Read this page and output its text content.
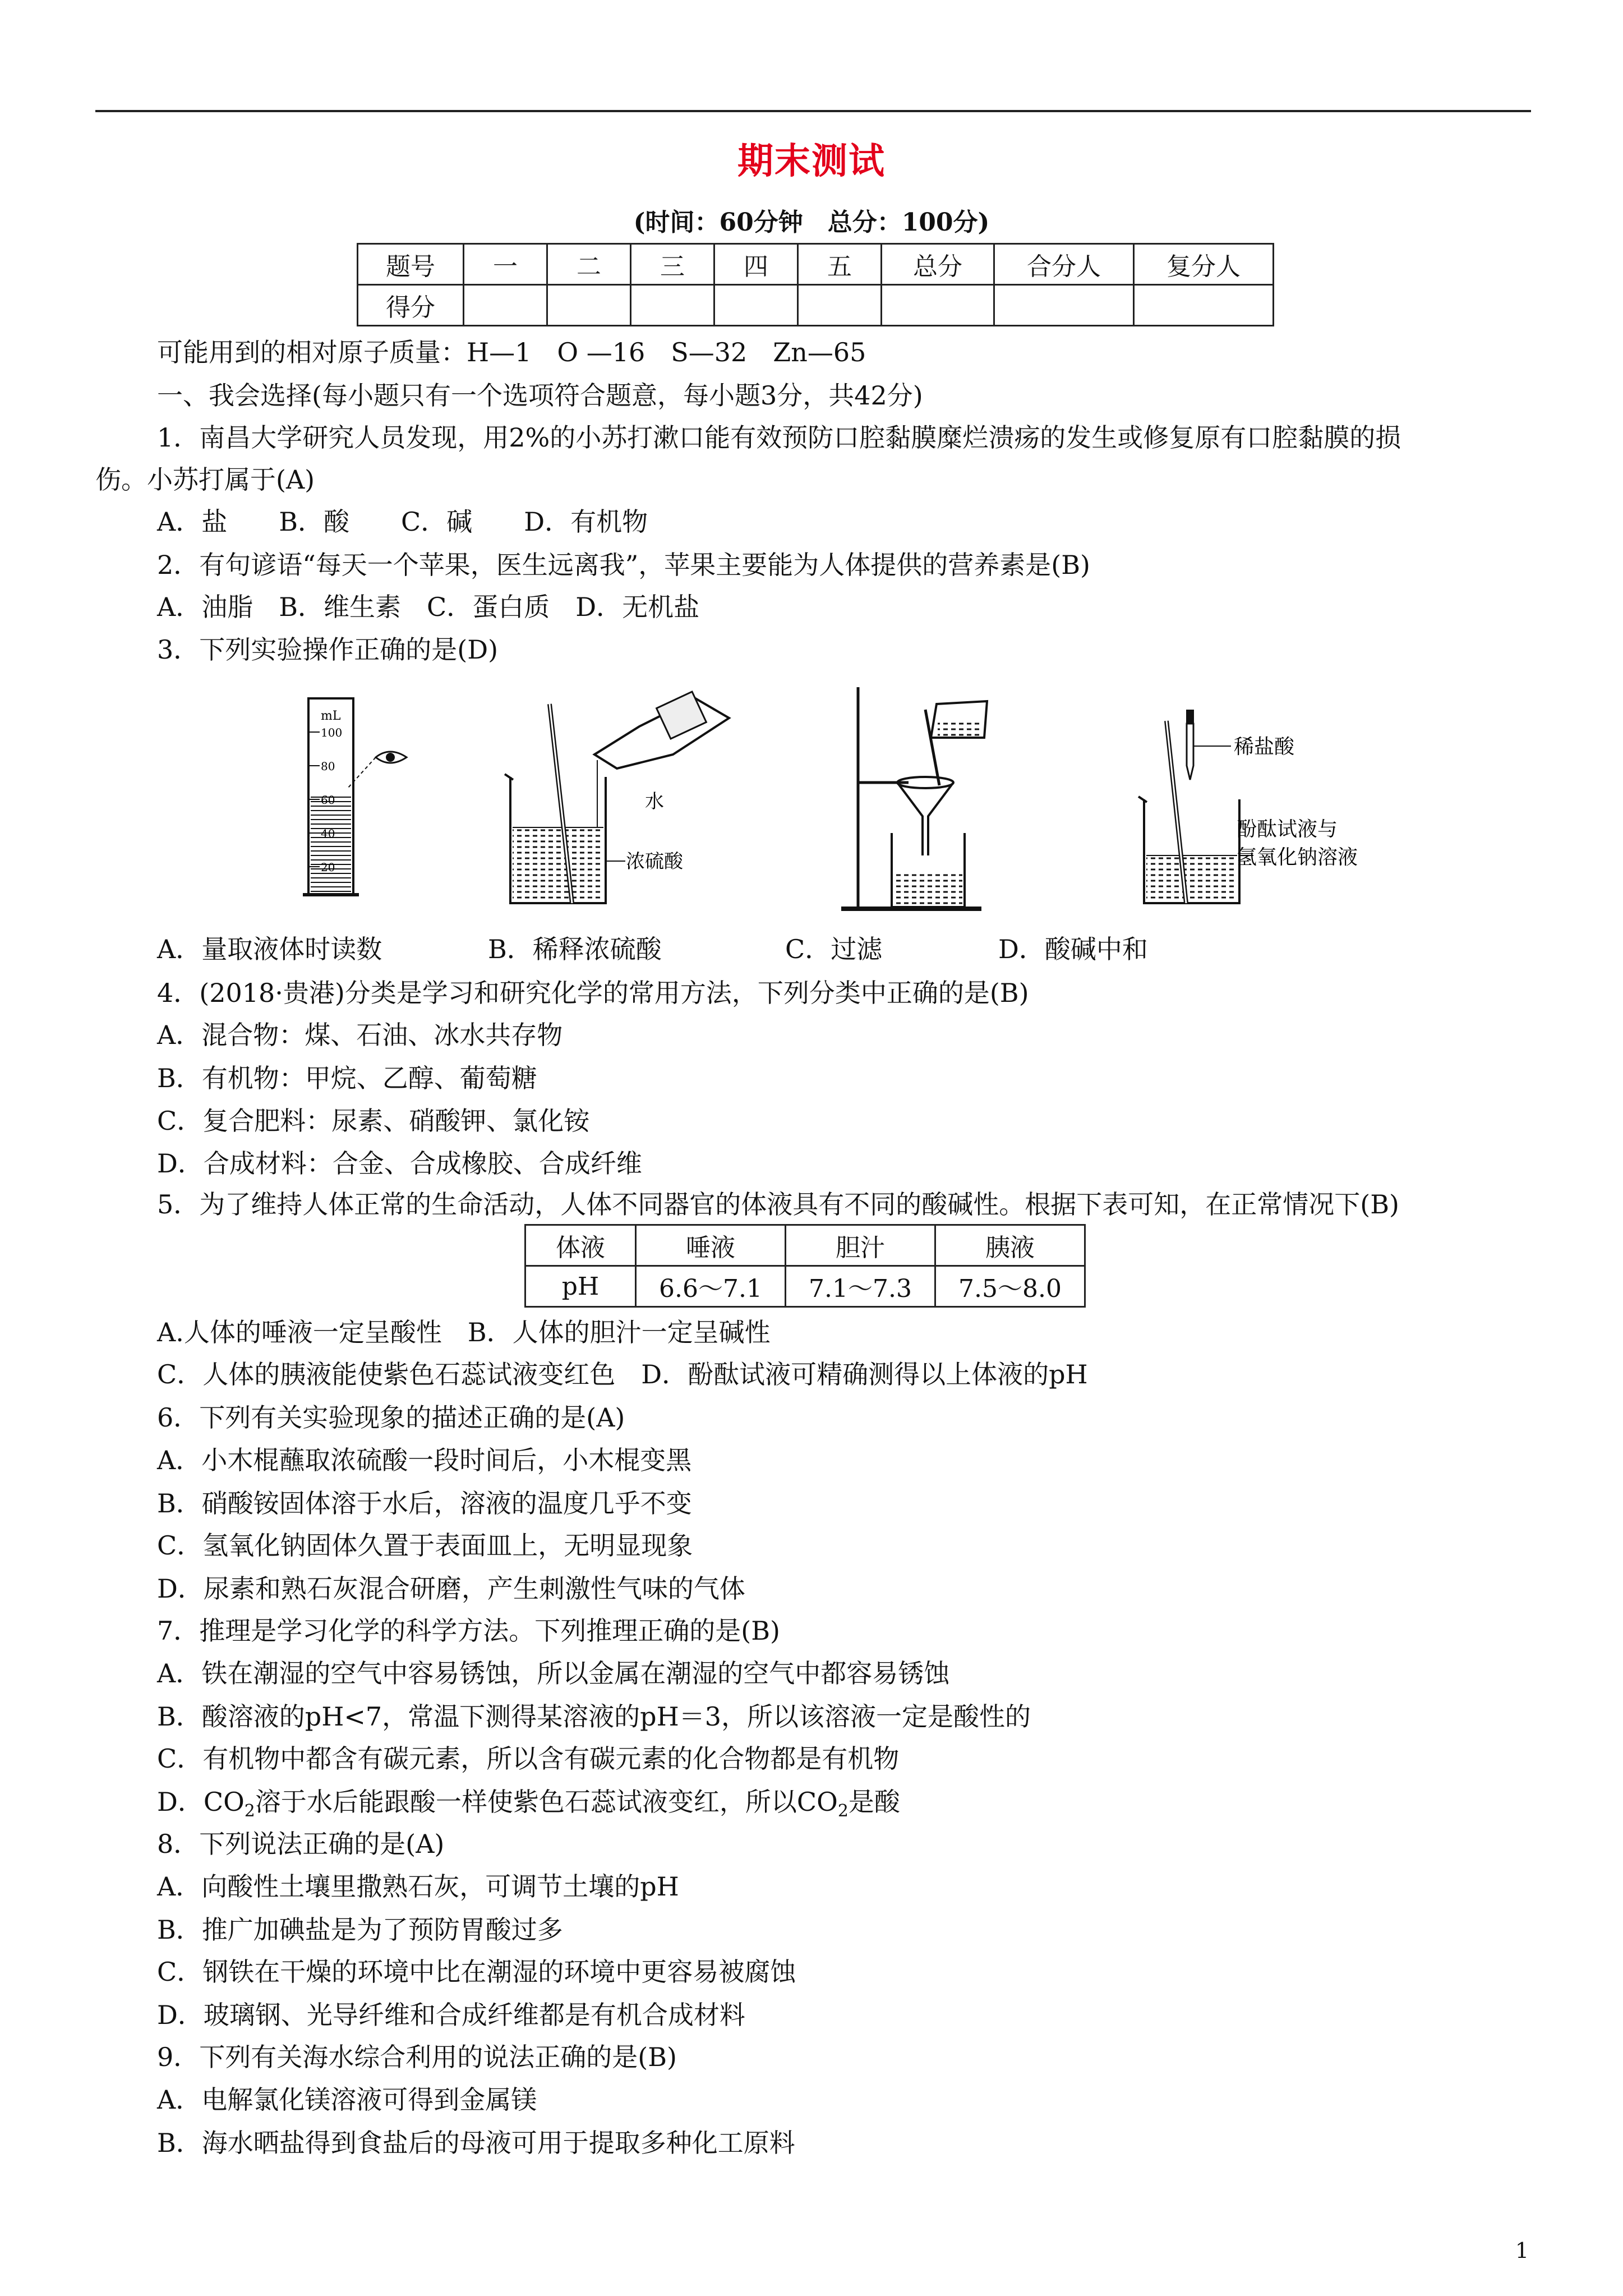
期末测试
(时间：60分钟　总分：100分)
题号	一	二	三	四	五	总分	合分人	复分人
得分								
可能用到的相对原子质量：H—1　O —16　S—32　Zn—65
一、我会选择(每小题只有一个选项符合题意，每小题3分，共42分)
1．南昌大学研究人员发现，用2%的小苏打漱口能有效预防口腔黏膜糜烂溃疡的发生或修复原有口腔黏膜的损
伤。小苏打属于(A)
A．盐　　B．酸　　C．碱　　D．有机物
2．有句谚语“每天一个苹果，医生远离我”，苹果主要能为人体提供的营养素是(B)
A．油脂　B．维生素　C．蛋白质　D．无机盐
3．下列实验操作正确的是(D)
mL
100
80
60
40
20
水
浓硫酸
稀盐酸
酚酞试液与
氢氧化钠溶液
A．量取液体时读数	B．稀释浓硫酸	C．过滤	D．酸碱中和
4．(2018·贵港)分类是学习和研究化学的常用方法，下列分类中正确的是(B)
A．混合物：煤、石油、冰水共存物
B．有机物：甲烷、乙醇、葡萄糖
C．复合肥料：尿素、硝酸钾、氯化铵
D．合成材料：合金、合成橡胶、合成纤维
5．为了维持人体正常的生命活动，人体不同器官的体液具有不同的酸碱性。根据下表可知，在正常情况下(B)
体液	唾液	胆汁	胰液
pH	6.6～7.1	7.1～7.3	7.5～8.0
A.人体的唾液一定呈酸性　B．人体的胆汁一定呈碱性
C．人体的胰液能使紫色石蕊试液变红色　D．酚酞试液可精确测得以上体液的pH
6．下列有关实验现象的描述正确的是(A)
A．小木棍蘸取浓硫酸一段时间后，小木棍变黑
B．硝酸铵固体溶于水后，溶液的温度几乎不变
C．氢氧化钠固体久置于表面皿上，无明显现象
D．尿素和熟石灰混合研磨，产生刺激性气味的气体
7．推理是学习化学的科学方法。下列推理正确的是(B)
A．铁在潮湿的空气中容易锈蚀，所以金属在潮湿的空气中都容易锈蚀
B．酸溶液的pH<7，常温下测得某溶液的pH＝3，所以该溶液一定是酸性的
C．有机物中都含有碳元素，所以含有碳元素的化合物都是有机物
D．$CO_2$溶于水后能跟酸一样使紫色石蕊试液变红，所以$CO_2$是酸
8．下列说法正确的是(A)
A．向酸性土壤里撒熟石灰，可调节土壤的pH
B．推广加碘盐是为了预防胃酸过多
C．钢铁在干燥的环境中比在潮湿的环境中更容易被腐蚀
D．玻璃钢、光导纤维和合成纤维都是有机合成材料
9．下列有关海水综合利用的说法正确的是(B)
A．电解氯化镁溶液可得到金属镁
B．海水晒盐得到食盐后的母液可用于提取多种化工原料
1
